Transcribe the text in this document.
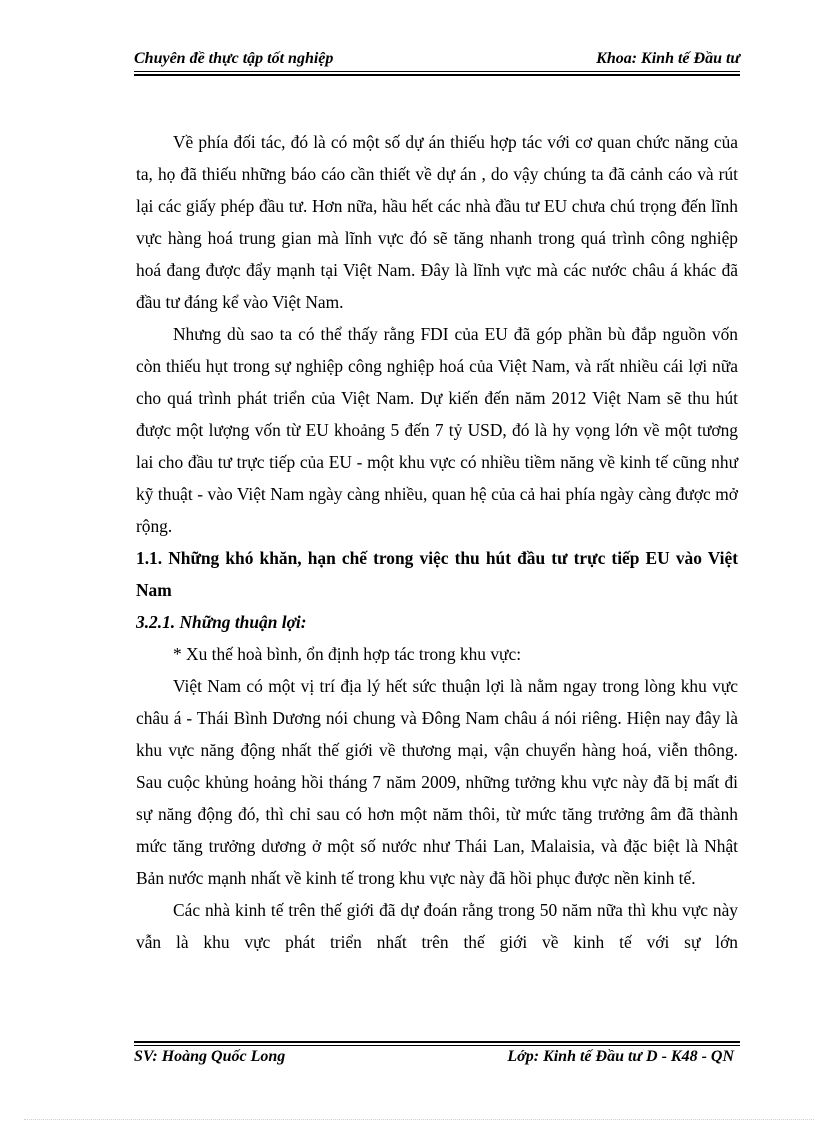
Chuyên đề thực tập tốt nghiệp	Khoa: Kinh tế Đầu tư

Về phía đối tác, đó là có một số dự án thiếu hợp tác với cơ quan chức năng của ta, họ đã thiếu những báo cáo cần thiết về dự án , do vậy chúng ta đã cảnh cáo và rút lại các giấy phép đầu tư. Hơn nữa, hầu hết các nhà đầu tư EU chưa chú trọng đến lĩnh vực hàng hoá trung gian mà lĩnh vực đó sẽ tăng nhanh trong quá trình công nghiệp hoá đang được đẩy mạnh tại Việt Nam. Đây là lĩnh vực mà các nước châu á khác đã đầu tư đáng kể vào Việt Nam.

Nhưng dù sao ta có thể thấy rằng FDI của EU đã góp phần bù đắp nguồn vốn còn thiếu hụt trong sự nghiệp công nghiệp hoá của Việt Nam, và rất nhiều cái lợi nữa cho quá trình phát triển của Việt Nam. Dự kiến đến năm 2012 Việt Nam sẽ thu hút được một lượng vốn từ EU khoảng 5 đến 7 tỷ USD, đó là hy vọng lớn về một tương lai cho đầu tư trực tiếp của EU - một khu vực có nhiều tiềm năng về kinh tế cũng như kỹ thuật - vào Việt Nam ngày càng nhiều, quan hệ của cả hai phía ngày càng được mở rộng.

1.1. Những khó khăn, hạn chế trong việc thu hút đầu tư trực tiếp EU vào Việt Nam

3.2.1. Những thuận lợi:

* Xu thế hoà bình, ổn định hợp tác trong khu vực:

Việt Nam có một vị trí địa lý hết sức thuận lợi là nằm ngay trong lòng khu vực châu á - Thái Bình Dương nói chung và Đông Nam châu á nói riêng. Hiện nay đây là khu vực năng động nhất thế giới về thương mại, vận chuyển hàng hoá, viễn thông. Sau cuộc khủng hoảng hồi tháng 7 năm 2009, những tưởng khu vực này đã bị mất đi sự năng động đó, thì chỉ sau có hơn một năm thôi, từ mức tăng trưởng âm đã thành mức tăng trưởng dương ở một số nước như Thái Lan, Malaisia, và đặc biệt là Nhật Bản nước mạnh nhất về kinh tế trong khu vực này đã hồi phục được nền kinh tế.

Các nhà kinh tế trên thế giới đã dự đoán rằng trong 50 năm nữa thì khu vực này vẫn là khu vực phát triển nhất trên thế giới về kinh tế với sự lớn

SV: Hoàng Quốc Long	Lớp: Kinh tế Đầu tư D - K48 - QN
